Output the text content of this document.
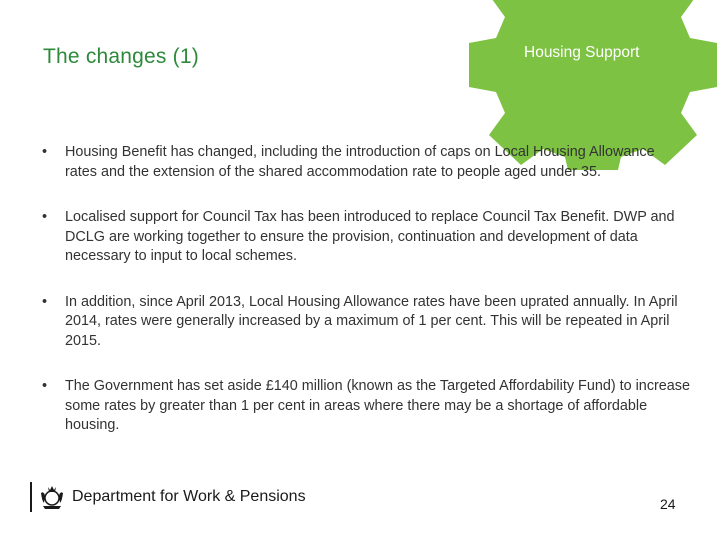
The changes (1)	Housing Support
• Housing Benefit has changed, including the introduction of caps on Local Housing Allowance rates and the extension of the shared accommodation rate to people aged under 35.
• Localised support for Council Tax has been introduced to replace Council Tax Benefit. DWP and DCLG are working together to ensure the provision, continuation and development of data necessary to input to local schemes.
• In addition, since April 2013, Local Housing Allowance rates have been uprated annually. In April 2014, rates were generally increased by a maximum of 1 per cent. This will be repeated in April 2015.
• The Government has set aside £140 million (known as the Targeted Affordability Fund) to increase some rates by greater than 1 per cent in areas where there may be a shortage of affordable housing.
Department for Work & Pensions	24
